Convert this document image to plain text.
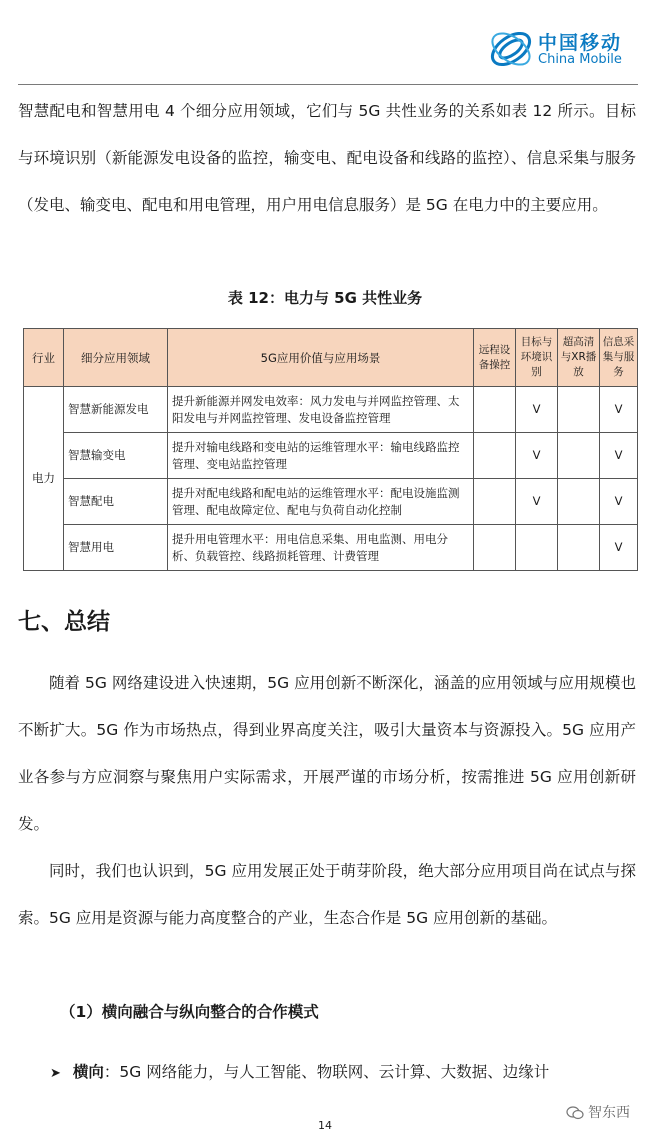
中国移动
China Mobile
智慧配电和智慧用电 4 个细分应用领域，它们与 5G 共性业务的关系如表 12 所示。目标与环境识别（新能源发电设备的监控，输变电、配电设备和线路的监控）、信息采集与服务（发电、输变电、配电和用电管理，用户用电信息服务）是 5G 在电力中的主要应用。
表 12：电力与 5G 共性业务
行业	细分应用领域	5G应用价值与应用场景	远程设备操控	目标与环境识别	超高清与XR播放	信息采集与服务
电力	智慧新能源发电	提升新能源并网发电效率：风力发电与并网监控管理、太阳发电与并网监控管理、发电设备监控管理		V		V
	智慧输变电	提升对输电线路和变电站的运维管理水平：输电线路监控管理、变电站监控管理		V		V
	智慧配电	提升对配电线路和配电站的运维管理水平：配电设施监测管理、配电故障定位、配电与负荷自动化控制		V		V
	智慧用电	提升用电管理水平：用电信息采集、用电监测、用电分析、负载管控、线路损耗管理、计费管理				V
七、总结
随着 5G 网络建设进入快速期，5G 应用创新不断深化，涵盖的应用领域与应用规模也不断扩大。5G 作为市场热点，得到业界高度关注，吸引大量资本与资源投入。5G 应用产业各参与方应洞察与聚焦用户实际需求，开展严谨的市场分析，按需推进 5G 应用创新研发。
同时，我们也认识到，5G 应用发展正处于萌芽阶段，绝大部分应用项目尚在试点与探索。5G 应用是资源与能力高度整合的产业，生态合作是 5G 应用创新的基础。
（1）横向融合与纵向整合的合作模式
➤ 横向：5G 网络能力，与人工智能、物联网、云计算、大数据、边缘计
智东西
14
